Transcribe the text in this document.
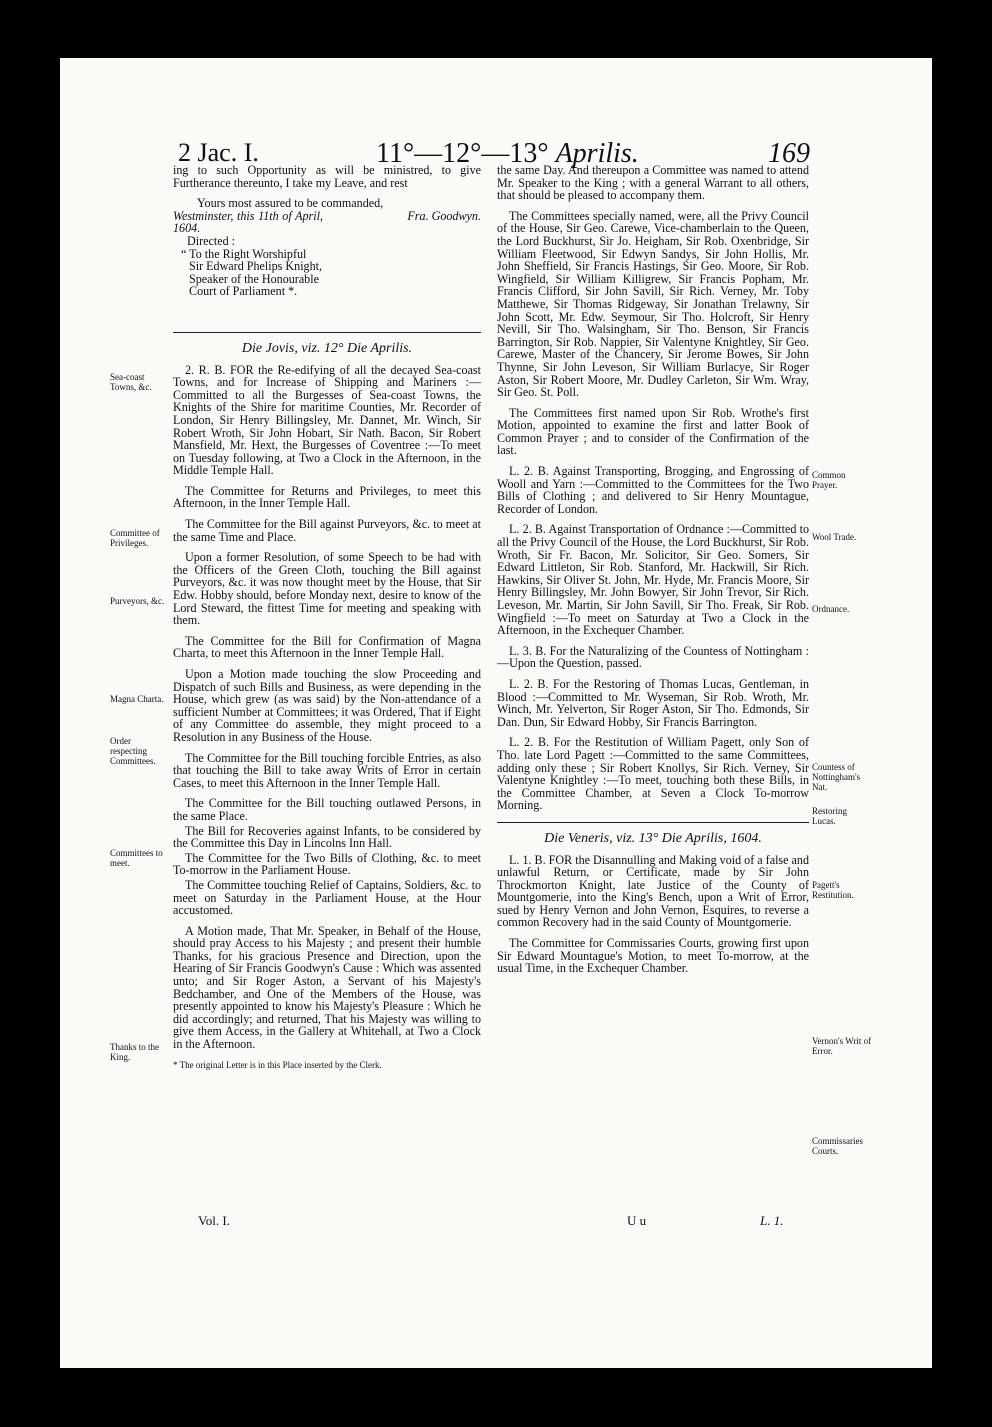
2 Jac. I.	11°—12°—13° Aprilis.	169

ing to such Opportunity as will be ministred, to give Furtherance thereunto, I take my Leave, and rest

Yours most assured to be commanded,

Westminster, this 11th of April, 1604.
Fra. Goodwyn.

Directed :

“ To the Right Worshipful
Sir Edward Phelips Knight,
Speaker of the Honourable
Court of Parliament *.

Die Jovis, viz. 12° Die Aprilis.

2. R. B. FOR the Re-edifying of all the decayed Sea-coast Towns, and for Increase of Shipping and Mariners :—Committed to all the Burgesses of Sea-coast Towns, the Knights of the Shire for maritime Counties, Mr. Recorder of London, Sir Henry Billingsley, Mr. Dannet, Mr. Winch, Sir Robert Wroth, Sir John Hobart, Sir Nath. Bacon, Sir Robert Mansfield, Mr. Hext, the Burgesses of Coventree :—To meet on Tuesday following, at Two a Clock in the Afternoon, in the Middle Temple Hall.

The Committee for Returns and Privileges, to meet this Afternoon, in the Inner Temple Hall.

The Committee for the Bill against Purveyors, &c. to meet at the same Time and Place.

Upon a former Resolution, of some Speech to be had with the Officers of the Green Cloth, touching the Bill against Purveyors, &c. it was now thought meet by the House, that Sir Edw. Hobby should, before Monday next, desire to know of the Lord Steward, the fittest Time for meeting and speaking with them.

The Committee for the Bill for Confirmation of Magna Charta, to meet this Afternoon in the Inner Temple Hall.

Upon a Motion made touching the slow Proceeding and Dispatch of such Bills and Business, as were depending in the House, which grew (as was said) by the Non-attendance of a sufficient Number at Committees; it was Ordered, That if Eight of any Committee do assemble, they might proceed to a Resolution in any Business of the House.

The Committee for the Bill touching forcible Entries, as also that touching the Bill to take away Writs of Error in certain Cases, to meet this Afternoon in the Inner Temple Hall.

The Committee for the Bill touching outlawed Persons, in the same Place.

The Bill for Recoveries against Infants, to be considered by the Committee this Day in Lincolns Inn Hall.

The Committee for the Two Bills of Clothing, &c. to meet To-morrow in the Parliament House.

The Committee touching Relief of Captains, Soldiers, &c. to meet on Saturday in the Parliament House, at the Hour accustomed.

A Motion made, That Mr. Speaker, in Behalf of the House, should pray Access to his Majesty ; and present their humble Thanks, for his gracious Presence and Direction, upon the Hearing of Sir Francis Goodwyn's Cause : Which was assented unto; and Sir Roger Aston, a Servant of his Majesty's Bedchamber, and One of the Members of the House, was presently appointed to know his Majesty's Pleasure : Which he did accordingly; and returned, That his Majesty was willing to give them Access, in the Gallery at Whitehall, at Two a Clock in the Afternoon.

* The original Letter is in this Place inserted by the Clerk.

Sea-coast Towns, &c.
Committee of Privileges.
Purveyors, &c.
Magna Charta.
Order respecting Committees.
Committees to meet.
Thanks to the King.

the same Day. And thereupon a Committee was named to attend Mr. Speaker to the King ; with a general Warrant to all others, that should be pleased to accompany them.

The Committees specially named, were, all the Privy Council of the House, Sir Geo. Carewe, Vice-chamberlain to the Queen, the Lord Buckhurst, Sir Jo. Heigham, Sir Rob. Oxenbridge, Sir William Fleetwood, Sir Edwyn Sandys, Sir John Hollis, Mr. John Sheffield, Sir Francis Hastings, Sir Geo. Moore, Sir Rob. Wingfield, Sir William Killigrew, Sir Francis Popham, Mr. Francis Clifford, Sir John Savill, Sir Rich. Verney, Mr. Toby Matthewe, Sir Thomas Ridgeway, Sir Jonathan Trelawny, Sir John Scott, Mr. Edw. Seymour, Sir Tho. Holcroft, Sir Henry Nevill, Sir Tho. Walsingham, Sir Tho. Benson, Sir Francis Barrington, Sir Rob. Nappier, Sir Valentyne Knightley, Sir Geo. Carewe, Master of the Chancery, Sir Jerome Bowes, Sir John Thynne, Sir John Leveson, Sir William Burlacye, Sir Roger Aston, Sir Robert Moore, Mr. Dudley Carleton, Sir Wm. Wray, Sir Geo. St. Poll.

The Committees first named upon Sir Rob. Wrothe's first Motion, appointed to examine the first and latter Book of Common Prayer ; and to consider of the Confirmation of the last.

L. 2. B. Against Transporting, Brogging, and Engrossing of Wooll and Yarn :—Committed to the Committees for the Two Bills of Clothing ; and delivered to Sir Henry Mountague, Recorder of London.

L. 2. B. Against Transportation of Ordnance :—Committed to all the Privy Council of the House, the Lord Buckhurst, Sir Rob. Wroth, Sir Fr. Bacon, Mr. Solicitor, Sir Geo. Somers, Sir Edward Littleton, Sir Rob. Stanford, Mr. Hackwill, Sir Rich. Hawkins, Sir Oliver St. John, Mr. Hyde, Mr. Francis Moore, Sir Henry Billingsley, Mr. John Bowyer, Sir John Trevor, Sir Rich. Leveson, Mr. Martin, Sir John Savill, Sir Tho. Freak, Sir Rob. Wingfield :—To meet on Saturday at Two a Clock in the Afternoon, in the Exchequer Chamber.

L. 3. B. For the Naturalizing of the Countess of Nottingham :—Upon the Question, passed.

L. 2. B. For the Restoring of Thomas Lucas, Gentleman, in Blood :—Committed to Mr. Wyseman, Sir Rob. Wroth, Mr. Winch, Mr. Yelverton, Sir Roger Aston, Sir Tho. Edmonds, Sir Dan. Dun, Sir Edward Hobby, Sir Francis Barrington.

L. 2. B. For the Restitution of William Pagett, only Son of Tho. late Lord Pagett :—Committed to the same Committees, adding only these ; Sir Robert Knollys, Sir Rich. Verney, Sir Valentyne Knightley :—To meet, touching both these Bills, in the Committee Chamber, at Seven a Clock To-morrow Morning.

Die Veneris, viz. 13° Die Aprilis, 1604.

L. 1. B. FOR the Disannulling and Making void of a false and unlawful Return, or Certificate, made by Sir John Throckmorton Knight, late Justice of the County of Mountgomerie, into the King's Bench, upon a Writ of Error, sued by Henry Vernon and John Vernon, Esquires, to reverse a common Recovery had in the said County of Mountgomerie.

The Committee for Commissaries Courts, growing first upon Sir Edward Mountague's Motion, to meet To-morrow, at the usual Time, in the Exchequer Chamber.

Common Prayer.
Wool Trade.
Ordnance.
Countess of Nottingham's Nat.
Restoring Lucas.
Pagett's Restitution.
Vernon's Writ of Error.
Commissaries Courts.
Vol. I.	U u	L. 1.
